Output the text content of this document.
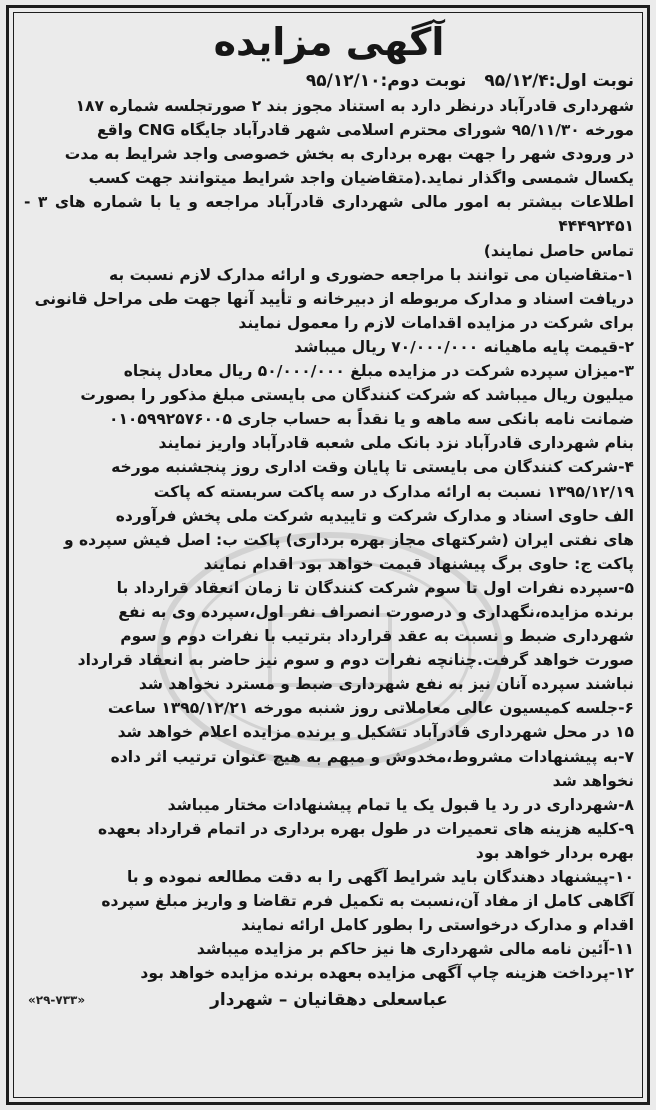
آگهی مزایده
نوبت اول:۹۵/۱۲/۴
نوبت دوم:۹۵/۱۲/۱۰

شهرداری قادرآباد درنظر دارد به استناد مجوز بند ۲ صورتجلسه شماره ۱۸۷

مورخه ۹۵/۱۱/۳۰ شورای محترم اسلامی شهر قادرآباد جایگاه CNG واقع

در ورودی شهر را جهت بهره برداری به بخش خصوصی واجد شرایط به مدت

یکسال شمسی واگذار نماید.(متقاضیان واجد شرایط میتوانند جهت کسب

اطلاعات بیشتر به امور مالی شهرداری قادرآباد مراجعه و یا با شماره های ۳ - ۴۴۴۹۲۴۵۱

تماس حاصل نمایند)

۱-متقاضیان می توانند با مراجعه حضوری و ارائه مدارک لازم نسبت به

دریافت اسناد و مدارک مربوطه از دبیرخانه و تأیید آنها جهت طی مراحل قانونی

برای شرکت در مزایده اقدامات لازم را معمول نمایند

۲-قیمت پایه ماهیانه ۷۰/۰۰۰/۰۰۰ ریال میباشد

۳-میزان سپرده شرکت در مزایده مبلغ ۵۰/۰۰۰/۰۰۰ ریال معادل پنجاه

میلیون ریال میباشد که شرکت کنندگان می بایستی مبلغ مذکور را بصورت

ضمانت نامه بانکی سه ماهه و یا نقداً به حساب جاری ۰۱۰۵۹۹۲۵۷۶۰۰۵

بنام شهرداری قادرآباد نزد بانک ملی شعبه قادرآباد واریز نمایند

۴-شرکت کنندگان می بایستی تا پایان وقت اداری روز پنجشنبه مورخه

۱۳۹۵/۱۲/۱۹ نسبت به ارائه مدارک در سه پاکت سربسته که پاکت

الف حاوی اسناد و مدارک شرکت و تاییدیه شرکت ملی پخش فرآورده

های نفتی ایران (شرکتهای مجاز بهره برداری) پاکت ب: اصل فیش سپرده و

پاکت ج: حاوی برگ پیشنهاد قیمت خواهد بود اقدام نمایند

۵-سپرده نفرات اول تا سوم شرکت کنندگان تا زمان انعقاد قرارداد با

برنده مزایده،نگهداری و درصورت انصراف نفر اول،سپرده وی به نفع

شهرداری ضبط و نسبت به عقد قرارداد بترتیب با نفرات دوم و سوم

صورت خواهد گرفت.چنانچه نفرات دوم و سوم نیز حاضر به انعقاد قرارداد

نباشند سپرده آنان نیز به نفع شهرداری ضبط و مسترد نخواهد شد

۶-جلسه کمیسیون عالی معاملاتی روز شنبه مورخه ۱۳۹۵/۱۲/۲۱ ساعت

۱۵ در محل شهرداری قادرآباد تشکیل و برنده مزایده اعلام خواهد شد

۷-به پیشنهادات مشروط،مخدوش و مبهم به هیچ عنوان ترتیب اثر داده

نخواهد شد

۸-شهرداری در رد یا قبول یک یا تمام پیشنهادات مختار میباشد

۹-کلیه هزینه های تعمیرات در طول بهره برداری در اتمام قرارداد بعهده

بهره بردار خواهد بود

۱۰-پیشنهاد دهندگان باید شرایط آگهی را به دقت مطالعه نموده و با

آگاهی کامل از مفاد آن،نسبت به تکمیل فرم تقاضا و واریز مبلغ سپرده

اقدام و مدارک درخواستی را بطور کامل ارائه نمایند

۱۱-آئین نامه مالی شهرداری ها نیز حاکم بر مزایده میباشد

۱۲-پرداخت هزینه چاپ آگهی مزایده بعهده برنده مزایده خواهد بود

عباسعلی دهقانیان – شهردار
«۲۹-۷۳۳»
